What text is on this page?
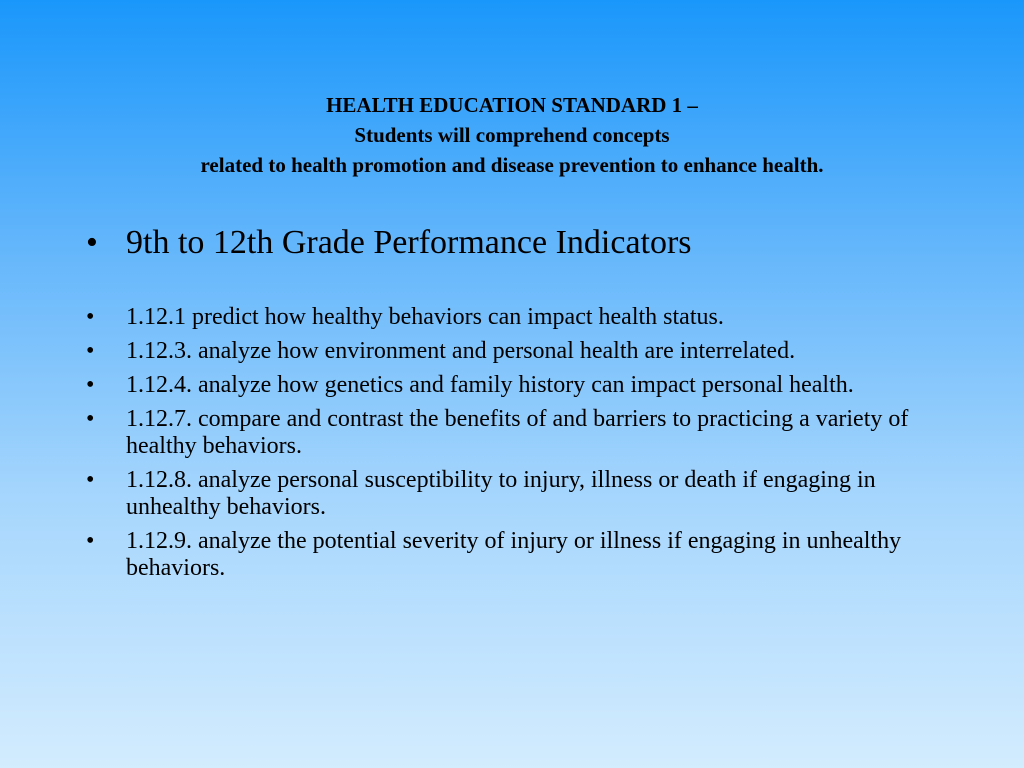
HEALTH EDUCATION STANDARD 1 –
Students will comprehend concepts
related to health promotion and disease prevention to enhance health.
• 9th to 12th Grade Performance Indicators
•	1.12.1 predict how healthy behaviors can impact health status.
•	1.12.3. analyze how environment and personal health are interrelated.
•	1.12.4. analyze how genetics and family history can impact personal health.
•	1.12.7. compare and contrast the benefits of and barriers to practicing a variety of healthy behaviors.
•	1.12.8. analyze personal susceptibility to injury, illness or death if engaging in unhealthy behaviors.
•	1.12.9. analyze the potential severity of injury or illness if engaging in unhealthy behaviors.
